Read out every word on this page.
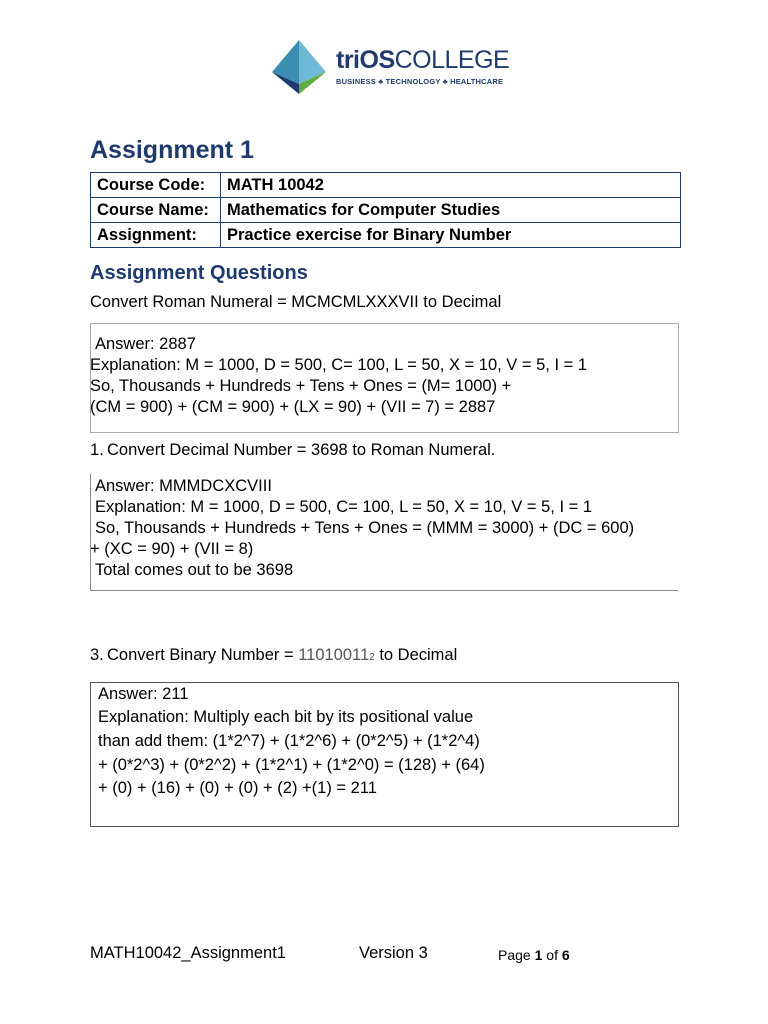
triOSCOLLEGE
BUSINESS ♣ TECHNOLOGY ♣ HEALTHCARE
Assignment 1
Course Code:	MATH 10042
Course Name:	Mathematics for Computer Studies
Assignment:	Practice exercise for Binary Number
Assignment Questions
Convert Roman Numeral = MCMCMLXXXVII to Decimal
Answer: 2887
Explanation: M = 1000, D = 500, C= 100, L = 50, X = 10, V = 5, I = 1
So, Thousands + Hundreds + Tens + Ones = (M= 1000) +
(CM = 900) + (CM = 900) + (LX = 90) + (VII = 7) = 2887
1. Convert Decimal Number = 3698 to Roman Numeral.
Answer: MMMDCXCVIII
Explanation: M = 1000, D = 500, C= 100, L = 50, X = 10, V = 5, I = 1
So, Thousands + Hundreds + Tens + Ones = (MMM = 3000) + (DC = 600)
+ (XC = 90) + (VII = 8)
Total comes out to be 3698
3. Convert Binary Number = 110100112 to Decimal
Answer: 211
Explanation: Multiply each bit by its positional value
than add them: (1*2^7) + (1*2^6) + (0*2^5) + (1*2^4)
+ (0*2^3) + (0*2^2) + (1*2^1) + (1*2^0) = (128) + (64)
+ (0) + (16) + (0) + (0) + (2) +(1) = 211
MATH10042_Assignment1	Version 3	Page 1 of 6
